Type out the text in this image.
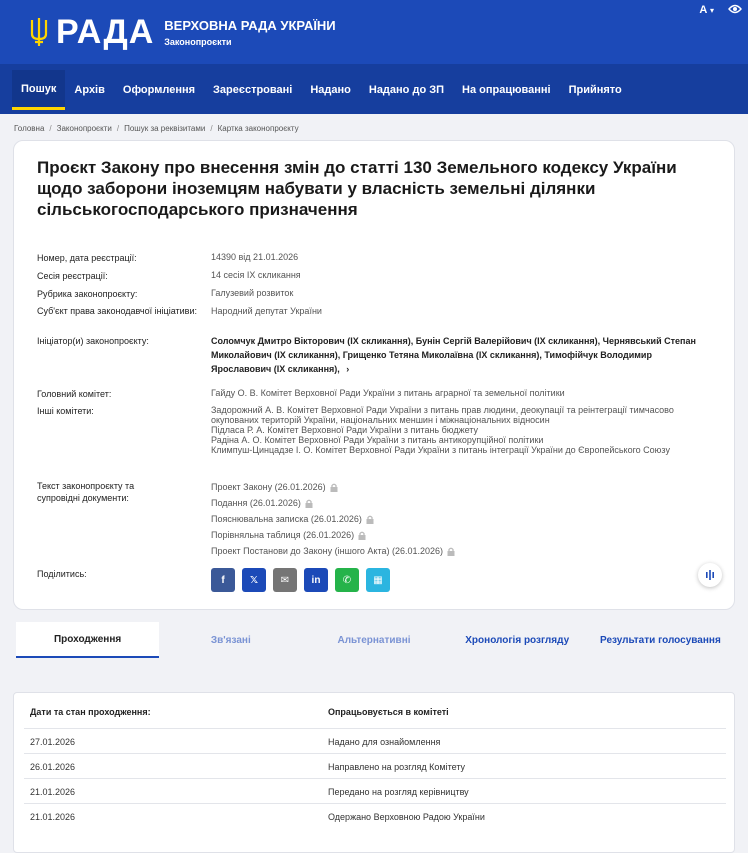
РАДА ВЕРХОВНА РАДА УКРАЇНИ
Законопроєкти
A ▾
Пошук	Архів	Оформлення	Зареєстровані	Надано	Надано до ЗП	На опрацюванні	Прийнято
Головна / Законопроєкти / Пошук за реквізитами / Картка законопроєкту
Проєкт Закону про внесення змін до статті 130 Земельного кодексу України щодо заборони іноземцям набувати у власність земельні ділянки сільськогосподарського призначення
Номер, дата реєстрації:	14390 від 21.01.2026
Сесія реєстрації:	14 сесія IX скликання
Рубрика законопроєкту:	Галузевий розвиток
Суб'єкт права законодавчої ініціативи: Народний депутат України
Ініціатор(и) законопроєкту:	Соломчук Дмитро Вікторович (IX скликання), Бунін Сергій Валерійович (IX скликання), Чернявський Степан Миколайович (IX скликання), Грищенко Тетяна Миколаївна (IX скликання), Тимофійчук Володимир Ярославович (IX скликання), ›
Головний комітет:	Гайду О. В. Комітет Верховної Ради України з питань аграрної та земельної політики
Інші комітети:	Задорожний А. В. Комітет Верховної Ради України з питань прав людини, деокупації та реінтеграції тимчасово окупованих територій України, національних меншин і міжнаціональних відносин
Підласа Р. А. Комітет Верховної Ради України з питань бюджету
Радіна А. О. Комітет Верховної Ради України з питань антикорупційної політики
Климпуш-Цинцадзе І. О. Комітет Верховної Ради України з питань інтеграції України до Європейського Союзу
Текст законопроєкту та супровідні документи:
Проект Закону (26.01.2026)
Подання (26.01.2026)
Пояснювальна записка (26.01.2026)
Порівняльна таблиця (26.01.2026)
Проект Постанови до Закону (іншого Акта) (26.01.2026)
Поділитись:
f	𝕏	✉	in	✆	▦
Проходження	Зв'язані	Альтернативні	Хронологія розгляду	Результати голосування
Дати та стан проходження:	Опрацьовується в комітеті
27.01.2026	Надано для ознайомлення
26.01.2026	Направлено на розгляд Комітету
21.01.2026	Передано на розгляд керівництву
21.01.2026	Одержано Верховною Радою України
